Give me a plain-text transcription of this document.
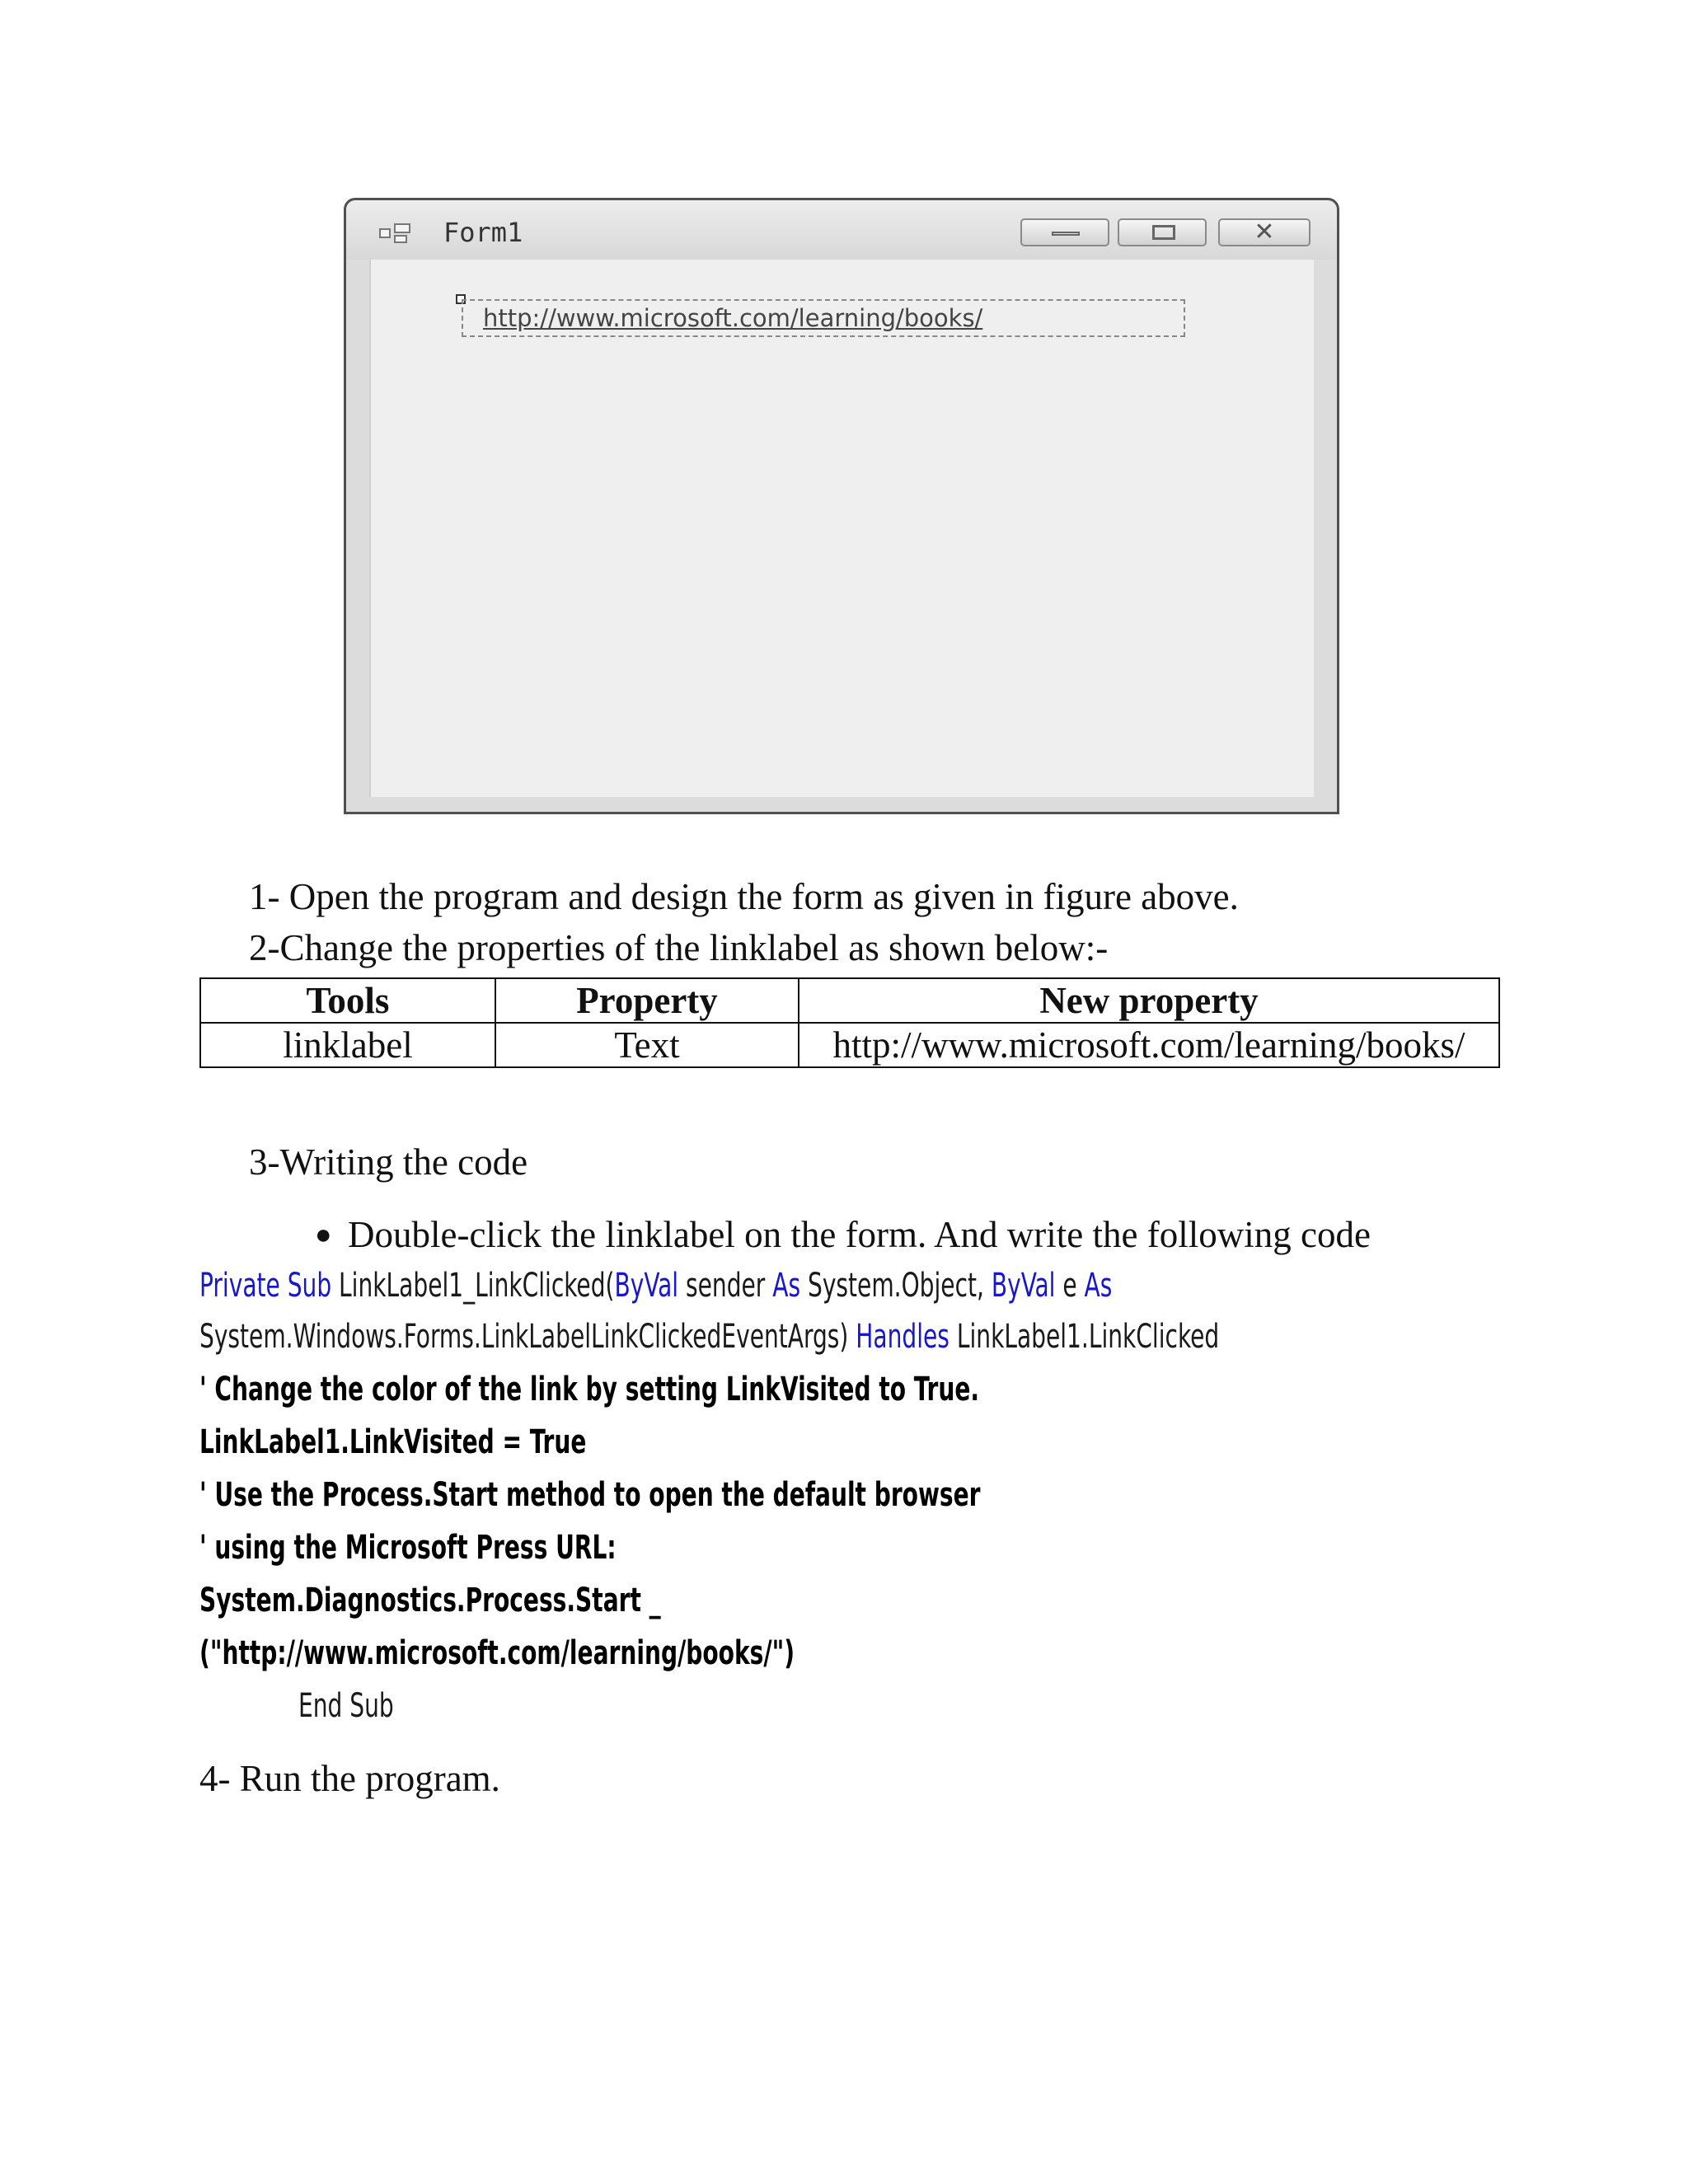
Form1	✕
http://www.microsoft.com/learning/books/
1- Open the program and design the form as given in figure above.
2-Change the properties of the linklabel as shown below:-
Tools	Property	New property
linklabel	Text	http://www.microsoft.com/learning/books/
3-Writing the code
● Double-click the linklabel on the form. And write the following code
Private Sub LinkLabel1_LinkClicked(ByVal sender As System.Object, ByVal e As
System.Windows.Forms.LinkLabelLinkClickedEventArgs) Handles LinkLabel1.LinkClicked
' Change the color of the link by setting LinkVisited to True.
LinkLabel1.LinkVisited = True
' Use the Process.Start method to open the default browser
' using the Microsoft Press URL:
System.Diagnostics.Process.Start _
("http://www.microsoft.com/learning/books/")
End Sub
4- Run the program.
